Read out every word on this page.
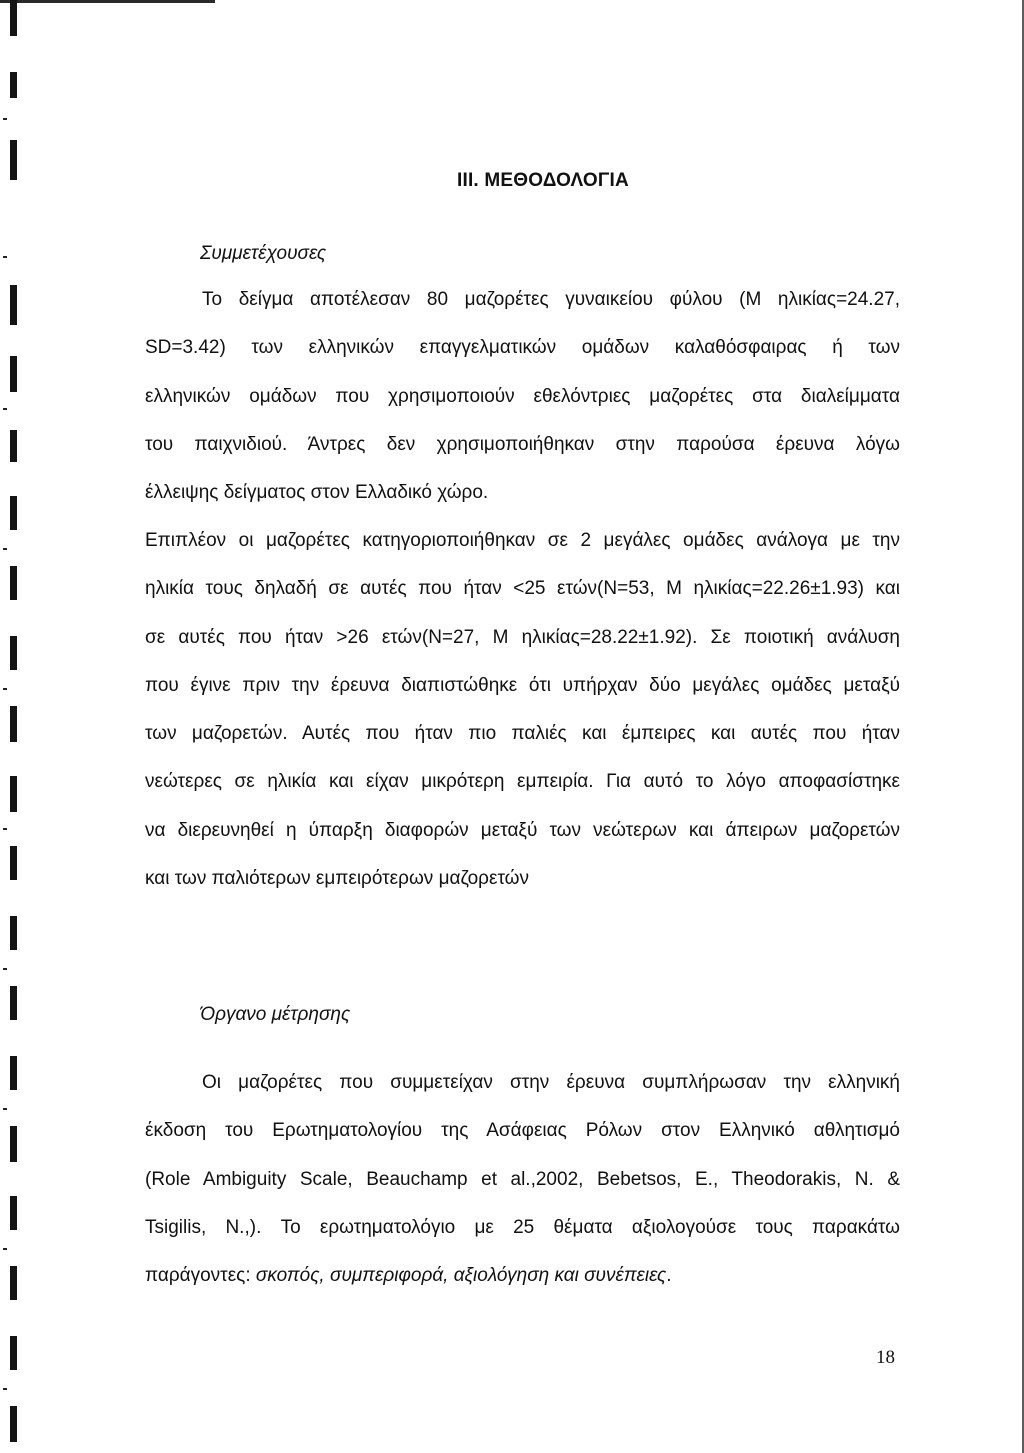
III. ΜΕΘΟΔΟΛΟΓΙΑ
Συμμετέχουσες
Το δείγμα αποτέλεσαν 80 μαζορέτες γυναικείου φύλου (Μ ηλικίας=24.27,
SD=3.42) των ελληνικών επαγγελματικών ομάδων καλαθόσφαιρας ή των
ελληνικών ομάδων που χρησιμοποιούν εθελόντριες μαζορέτες στα διαλείμματα
του παιχνιδιού. Άντρες δεν χρησιμοποιήθηκαν στην παρούσα έρευνα λόγω
έλλειψης δείγματος στον Ελλαδικό χώρο.
Επιπλέον οι μαζορέτες κατηγοριοποιήθηκαν σε 2 μεγάλες ομάδες ανάλογα με την
ηλικία τους δηλαδή σε αυτές που ήταν <25 ετών(N=53, Μ ηλικίας=22.26±1.93) και
σε αυτές που ήταν >26 ετών(N=27, Μ ηλικίας=28.22±1.92). Σε ποιοτική ανάλυση
που έγινε πριν την έρευνα διαπιστώθηκε ότι υπήρχαν δύο μεγάλες ομάδες μεταξύ
των μαζορετών. Αυτές που ήταν πιο παλιές και έμπειρες και αυτές που ήταν
νεώτερες σε ηλικία και είχαν μικρότερη εμπειρία. Για αυτό το λόγο αποφασίστηκε
να διερευνηθεί η ύπαρξη διαφορών μεταξύ των νεώτερων και άπειρων μαζορετών
και των παλιότερων εμπειρότερων μαζορετών
Όργανο μέτρησης
Οι μαζορέτες που συμμετείχαν στην έρευνα συμπλήρωσαν την ελληνική
έκδοση του Ερωτηματολογίου της Ασάφειας Ρόλων στον Ελληνικό αθλητισμό
(Role Ambiguity Scale, Beauchamp et al.,2002, Bebetsos, E., Theodorakis, N. &
Tsigilis, N.,). Το ερωτηματολόγιο με 25 θέματα αξιολογούσε τους παρακάτω
παράγοντες: σκοπός, συμπεριφορά, αξιολόγηση και συνέπειες.
18
